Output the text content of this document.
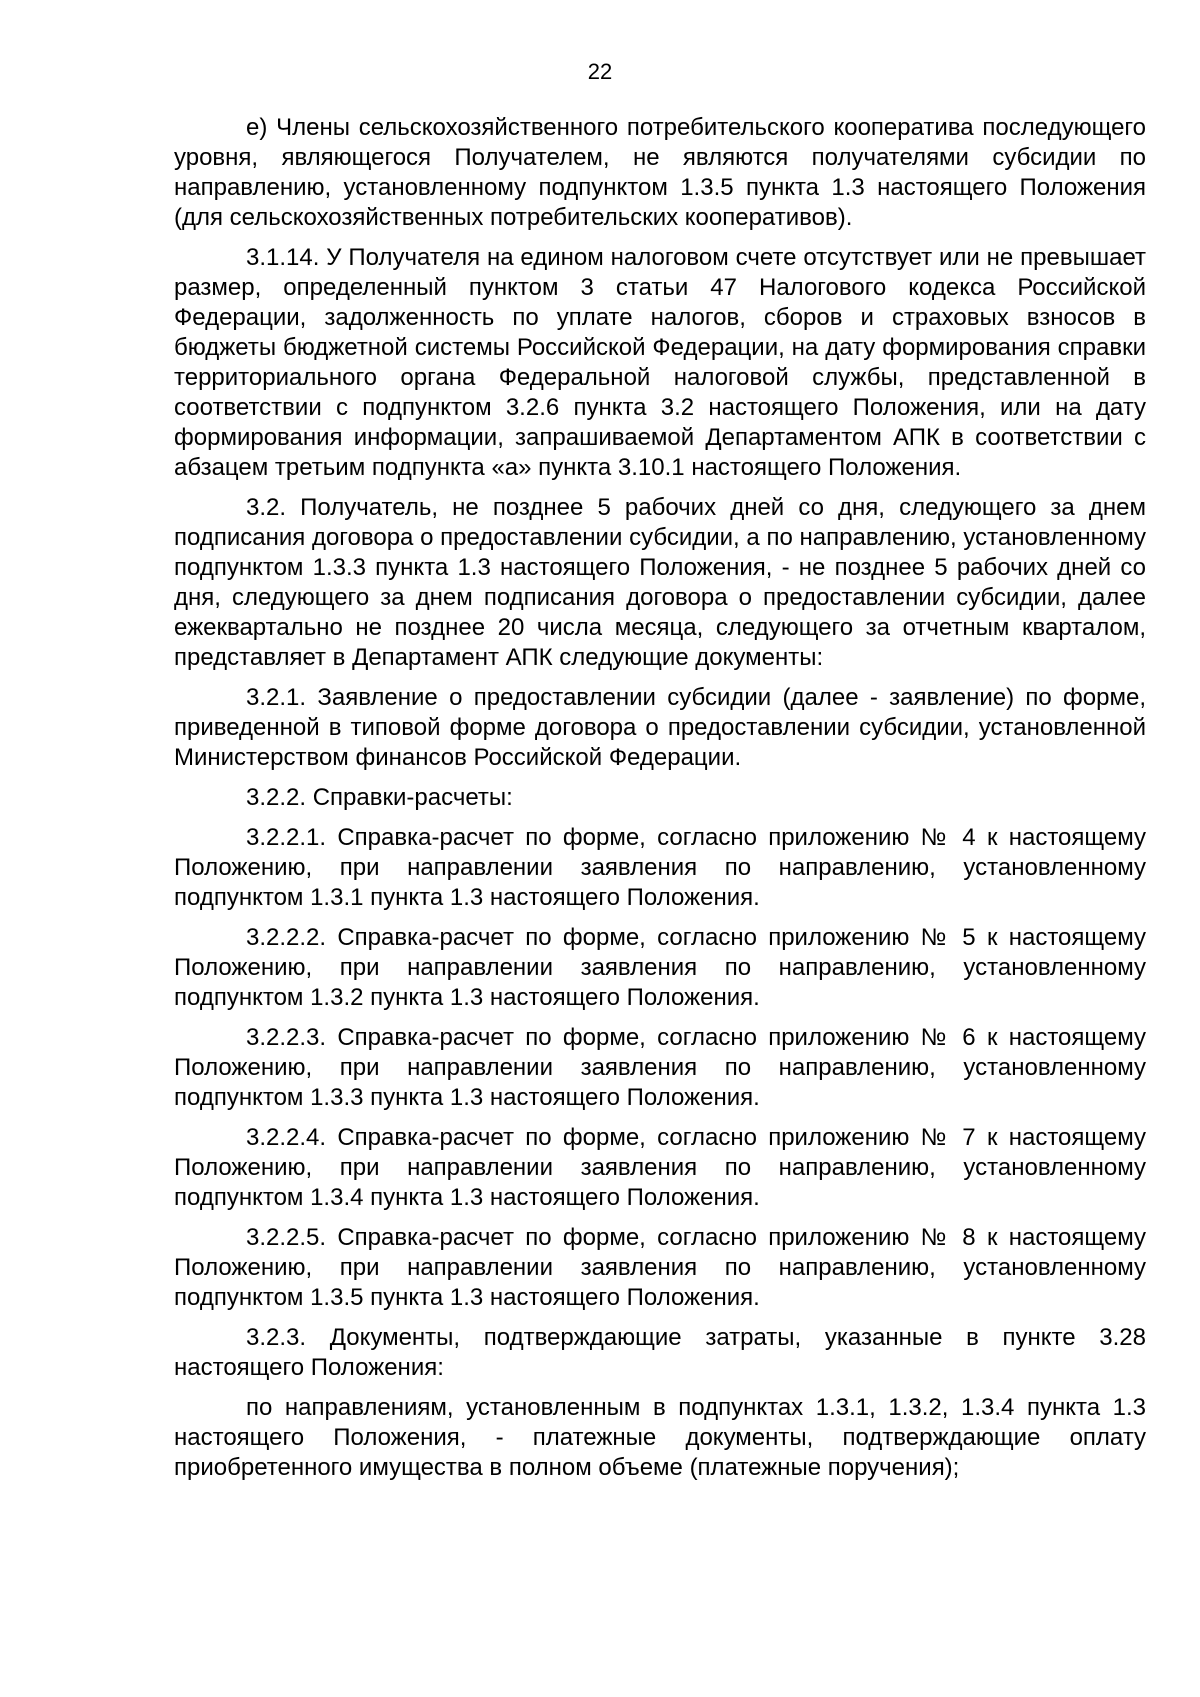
22

е) Члены сельскохозяйственного потребительского кооператива последующего уровня, являющегося Получателем, не являются получателями субсидии по направлению, установленному подпунктом 1.3.5 пункта 1.3 настоящего Положения (для сельскохозяйственных потребительских кооперативов).

3.1.14. У Получателя на едином налоговом счете отсутствует или не превышает размер, определенный пунктом 3 статьи 47 Налогового кодекса Российской Федерации, задолженность по уплате налогов, сборов и страховых взносов в бюджеты бюджетной системы Российской Федерации, на дату формирования справки территориального органа Федеральной налоговой службы, представленной в соответствии с подпунктом 3.2.6 пункта 3.2 настоящего Положения, или на дату формирования информации, запрашиваемой Департаментом АПК в соответствии с абзацем третьим подпункта «а» пункта 3.10.1 настоящего Положения.

3.2. Получатель, не позднее 5 рабочих дней со дня, следующего за днем подписания договора о предоставлении субсидии, а по направлению, установленному подпунктом 1.3.3 пункта 1.3 настоящего Положения, - не позднее 5 рабочих дней со дня, следующего за днем подписания договора о предоставлении субсидии, далее ежеквартально не позднее 20 числа месяца, следующего за отчетным кварталом, представляет в Департамент АПК следующие документы:

3.2.1. Заявление о предоставлении субсидии (далее - заявление) по форме, приведенной в типовой форме договора о предоставлении субсидии, установленной Министерством финансов Российской Федерации.

3.2.2. Справки-расчеты:

3.2.2.1. Справка-расчет по форме, согласно приложению № 4 к настоящему Положению, при направлении заявления по направлению, установленному подпунктом 1.3.1 пункта 1.3 настоящего Положения.

3.2.2.2. Справка-расчет по форме, согласно приложению № 5 к настоящему Положению, при направлении заявления по направлению, установленному подпунктом 1.3.2 пункта 1.3 настоящего Положения.

3.2.2.3. Справка-расчет по форме, согласно приложению № 6 к настоящему Положению, при направлении заявления по направлению, установленному подпунктом 1.3.3 пункта 1.3 настоящего Положения.

3.2.2.4. Справка-расчет по форме, согласно приложению № 7 к настоящему Положению, при направлении заявления по направлению, установленному подпунктом 1.3.4 пункта 1.3 настоящего Положения.

3.2.2.5. Справка-расчет по форме, согласно приложению № 8 к настоящему Положению, при направлении заявления по направлению, установленному подпунктом 1.3.5 пункта 1.3 настоящего Положения.

3.2.3. Документы, подтверждающие затраты, указанные в пункте 3.28 настоящего Положения:

по направлениям, установленным в подпунктах 1.3.1, 1.3.2, 1.3.4 пункта 1.3 настоящего Положения, - платежные документы, подтверждающие оплату приобретенного имущества в полном объеме (платежные поручения);
